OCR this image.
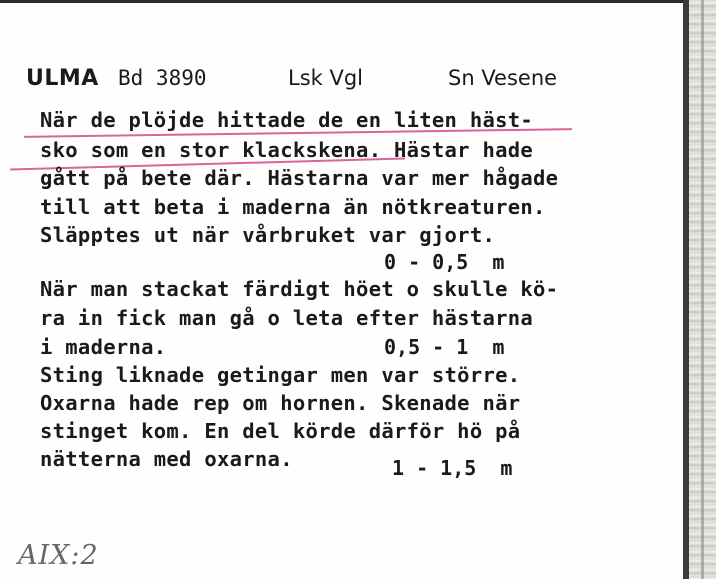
ULMA Bd 3890	Lsk Vgl	Sn Vesene
När de plöjde hittade de en liten häst-
sko som en stor klackskena. Hästar hade
gått på bete där. Hästarna var mer hågade
till att beta i maderna än nötkreaturen.
Släpptes ut när vårbruket var gjort.
0 - 0,5  m
När man stackat färdigt höet o skulle kö-
ra in fick man gå o leta efter hästarna
i maderna.	0,5 - 1  m
Sting liknade getingar men var större.
Oxarna hade rep om hornen. Skenade när
stinget kom. En del körde därför hö på
nätterna med oxarna.	1 - 1,5  m
AIX:2
